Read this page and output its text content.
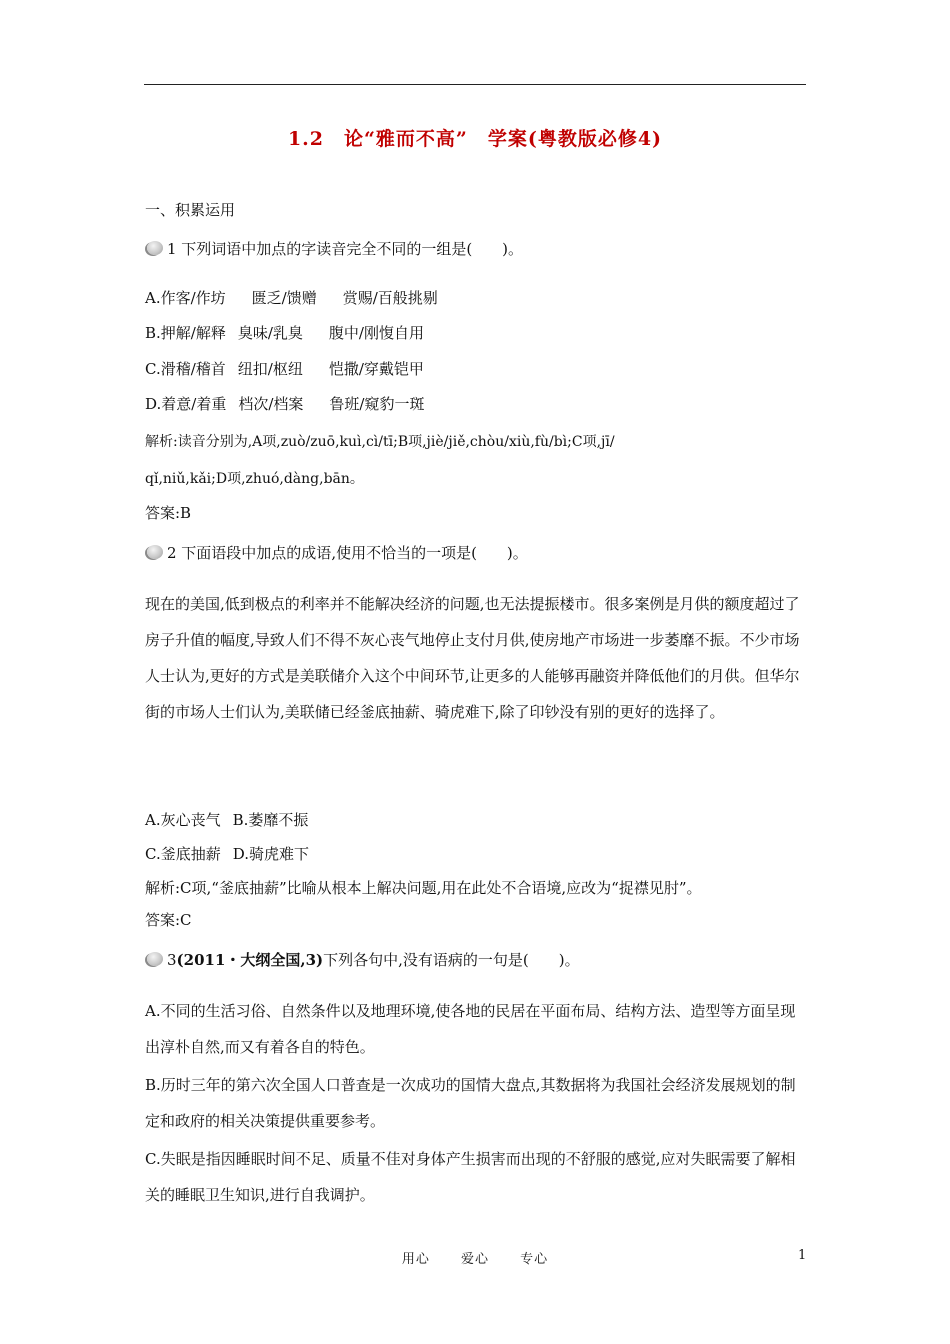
1.2　论“雅而不高”　学案(粤教版必修4)
一、积累运用
1 下列词语中加点的字读音完全不同的一组是(　　)。
A.作客/作坊 匮乏/馈赠 赏赐/百般挑剔
B.押解/解释 臭味/乳臭 腹中/刚愎自用
C.滑稽/稽首 纽扣/枢纽 恺撒/穿戴铠甲
D.着意/着重 档次/档案 鲁班/窥豹一斑
解析:读音分别为,A项,zuò/zuō,kuì,cì/tī;B项,jiè/jiě,chòu/xiù,fù/bì;C项,jī/
qǐ,niǔ,kǎi;D项,zhuó,dàng,bān。
答案:B
2 下面语段中加点的成语,使用不恰当的一项是(　　)。
现在的美国,低到极点的利率并不能解决经济的问题,也无法提振楼市。很多案例是月供的额度超过了房子升值的幅度,导致人们不得不灰心丧气地停止支付月供,使房地产市场进一步萎靡不振。不少市场人士认为,更好的方式是美联储介入这个中间环节,让更多的人能够再融资并降低他们的月供。但华尔街的市场人士们认为,美联储已经釜底抽薪、骑虎难下,除了印钞没有别的更好的选择了。
A.灰心丧气 B.萎靡不振
C.釜底抽薪 D.骑虎难下
解析:C项,“釜底抽薪”比喻从根本上解决问题,用在此处不合语境,应改为“捉襟见肘”。
答案:C
3(2011・大纲全国,3)下列各句中,没有语病的一句是(　　)。
A.不同的生活习俗、自然条件以及地理环境,使各地的民居在平面布局、结构方法、造型等方面呈现出淳朴自然,而又有着各自的特色。
B.历时三年的第六次全国人口普查是一次成功的国情大盘点,其数据将为我国社会经济发展规划的制定和政府的相关决策提供重要参考。
C.失眠是指因睡眠时间不足、质量不佳对身体产生损害而出现的不舒服的感觉,应对失眠需要了解相关的睡眠卫生知识,进行自我调护。
用心 爱心 专心	1
